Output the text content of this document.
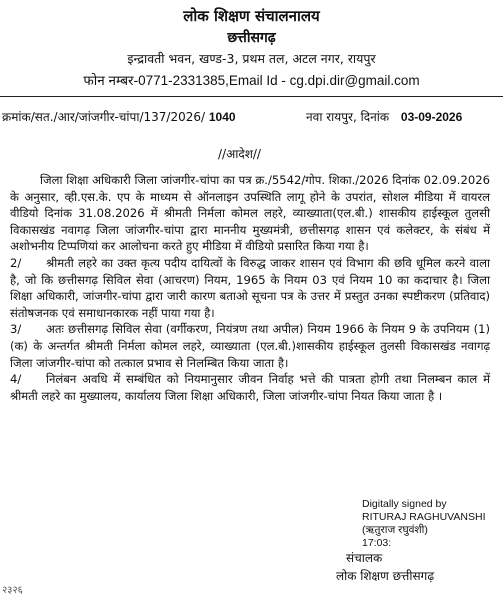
लोक शिक्षण संचालनालय
छत्तीसगढ़
इन्द्रावती भवन, खण्ड-3, प्रथम तल, अटल नगर, रायपुर
फोन नम्बर-0771-2331385,Email Id - cg.dpi.dir@gmail.com
क्रमांक/सत./आर/जांजगीर-चांपा/137/2026/ 1040	नवा रायपुर, दिनांक 03-09-2026
//आदेश//

जिला शिक्षा अधिकारी जिला जांजगीर-चांपा का पत्र क्र./5542/गोप. शिका./2026 दिनांक 02.09.2026 के अनुसार, व्ही.एस.के. एप के माध्यम से ऑनलाइन उपस्थिति लागू होने के उपरांत, सोशल मीडिया में वायरल वीडियो दिनांक 31.08.2026 में श्रीमती निर्मला कोमल लहरे, व्याख्याता(एल.बी.) शासकीय हाईस्कूल तुलसी विकासखंड नवागढ़ जिला जांजगीर-चांपा द्वारा माननीय मुख्यमंत्री, छत्तीसगढ़ शासन एवं कलेक्टर, के संबंध में अशोभनीय टिप्पणियां कर आलोचना करते हुए मीडिया में वीडियो प्रसारित किया गया है।

2/ श्रीमती लहरे का उक्त कृत्य पदीय दायित्वों के विरुद्ध जाकर शासन एवं विभाग की छवि धूमिल करने वाला है, जो कि छत्तीसगढ़ सिविल सेवा (आचरण) नियम, 1965 के नियम 03 एवं नियम 10 का कदाचार है। जिला शिक्षा अधिकारी, जांजगीर-चांपा द्वारा जारी कारण बताओ सूचना पत्र के उत्तर में प्रस्तुत उनका स्पष्टीकरण (प्रतिवाद) संतोषजनक एवं समाधानकारक नहीं पाया गया है।

3/ अतः छत्तीसगढ़ सिविल सेवा (वर्गीकरण, नियंत्रण तथा अपील) नियम 1966 के नियम 9 के उपनियम (1) (क) के अन्तर्गत श्रीमती निर्मला कोमल लहरे, व्याख्याता (एल.बी.)शासकीय हाईस्कूल तुलसी विकासखंड नवागढ़ जिला जांजगीर-चांपा को तत्काल प्रभाव से निलम्बित किया जाता है।

4/ निलंबन अवधि में सम्बंधित को नियमानुसार जीवन निर्वाह भत्ते की पात्रता होगी तथा निलम्बन काल में श्रीमती लहरे का मुख्यालय, कार्यालय जिला शिक्षा अधिकारी, जिला जांजगीर-चांपा नियत किया जाता है ।

Digitally signed by
RITURAJ RAGHUVANSHI
(ऋतुराज रघुवंशी)
17:03:
संचालक
लोक शिक्षण छत्तीसगढ़
२३२६
